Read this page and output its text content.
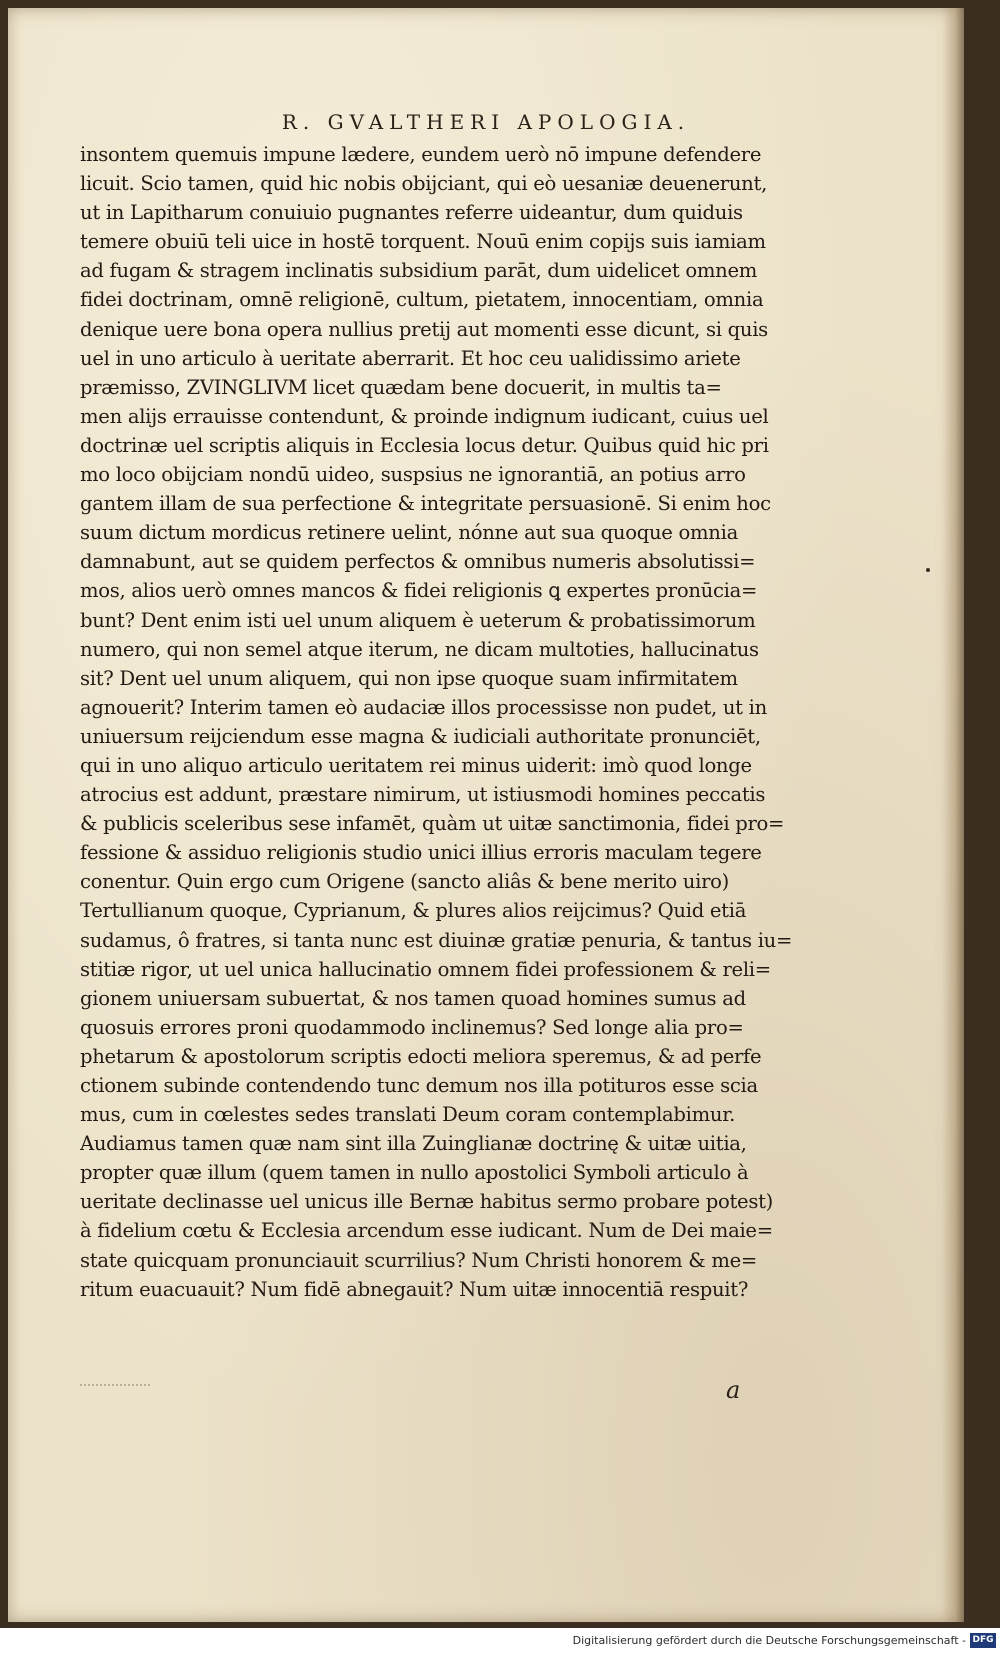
R. GVALTHERI APOLOGIA.
insontem quemuis impune lædere, eundem uerò nō impune defendere
licuit. Scio tamen, quid hic nobis obijciant, qui eò uesaniæ deuenerunt,
ut in Lapitharum conuiuio pugnantes referre uideantur, dum quiduis
temere obuiū teli uice in hostē torquent. Nouū enim copijs suis iamiam
ad fugam & stragem inclinatis subsidium parāt, dum uidelicet omnem
fidei doctrinam, omnē religionē, cultum, pietatem, innocentiam, omnia
denique uere bona opera nullius pretij aut momenti esse dicunt, si quis
uel in uno articulo à ueritate aberrarit. Et hoc ceu ualidissimo ariete
præmisso, ZVINGLIVM licet quædam bene docuerit, in multis ta=
men alijs errauisse contendunt, & proinde indignum iudicant, cuius uel
doctrinæ uel scriptis aliquis in Ecclesia locus detur. Quibus quid hic pri
mo loco obijciam nondū uideo, suspsius ne ignorantiā, an potius arro
gantem illam de sua perfectione & integritate persuasionē. Si enim hoc
suum dictum mordicus retinere uelint, nónne aut sua quoque omnia
damnabunt, aut se quidem perfectos & omnibus numeris absolutissi=
mos, alios uerò omnes mancos & fidei religionis ꝗ expertes pronūcia=
bunt? Dent enim isti uel unum aliquem è ueterum & probatissimorum
numero, qui non semel atque iterum, ne dicam multoties, hallucinatus
sit? Dent uel unum aliquem, qui non ipse quoque suam infirmitatem
agnouerit? Interim tamen eò audaciæ illos processisse non pudet, ut in
uniuersum reijciendum esse magna & iudiciali authoritate pronunciēt,
qui in uno aliquo articulo ueritatem rei minus uiderit: imò quod longe
atrocius est addunt, præstare nimirum, ut istiusmodi homines peccatis
& publicis sceleribus sese infamēt, quàm ut uitæ sanctimonia, fidei pro=
fessione & assiduo religionis studio unici illius erroris maculam tegere
conentur. Quin ergo cum Origene (sancto aliâs & bene merito uiro)
Tertullianum quoque, Cyprianum, & plures alios reijcimus? Quid etiā
sudamus, ô fratres, si tanta nunc est diuinæ gratiæ penuria, & tantus iu=
stitiæ rigor, ut uel unica hallucinatio omnem fidei professionem & reli=
gionem uniuersam subuertat, & nos tamen quoad homines sumus ad
quosuis errores proni quodammodo inclinemus? Sed longe alia pro=
phetarum & apostolorum scriptis edocti meliora speremus, & ad perfe
ctionem subinde contendendo tunc demum nos illa potituros esse scia
mus, cum in cœlestes sedes translati Deum coram contemplabimur.
Audiamus tamen quæ nam sint illa Zuinglianæ doctrinę & uitæ uitia,
propter quæ illum (quem tamen in nullo apostolici Symboli articulo à
ueritate declinasse uel unicus ille Bernæ habitus sermo probare potest)
à fidelium cœtu & Ecclesia arcendum esse iudicant. Num de Dei maie=
state quicquam pronunciauit scurrilius? Num Christi honorem & me=
ritum euacuauit? Num fidē abnegauit? Num uitæ innocentiā respuit?
a
Digitalisierung gefördert durch die Deutsche Forschungsgemeinschaft - DFG
